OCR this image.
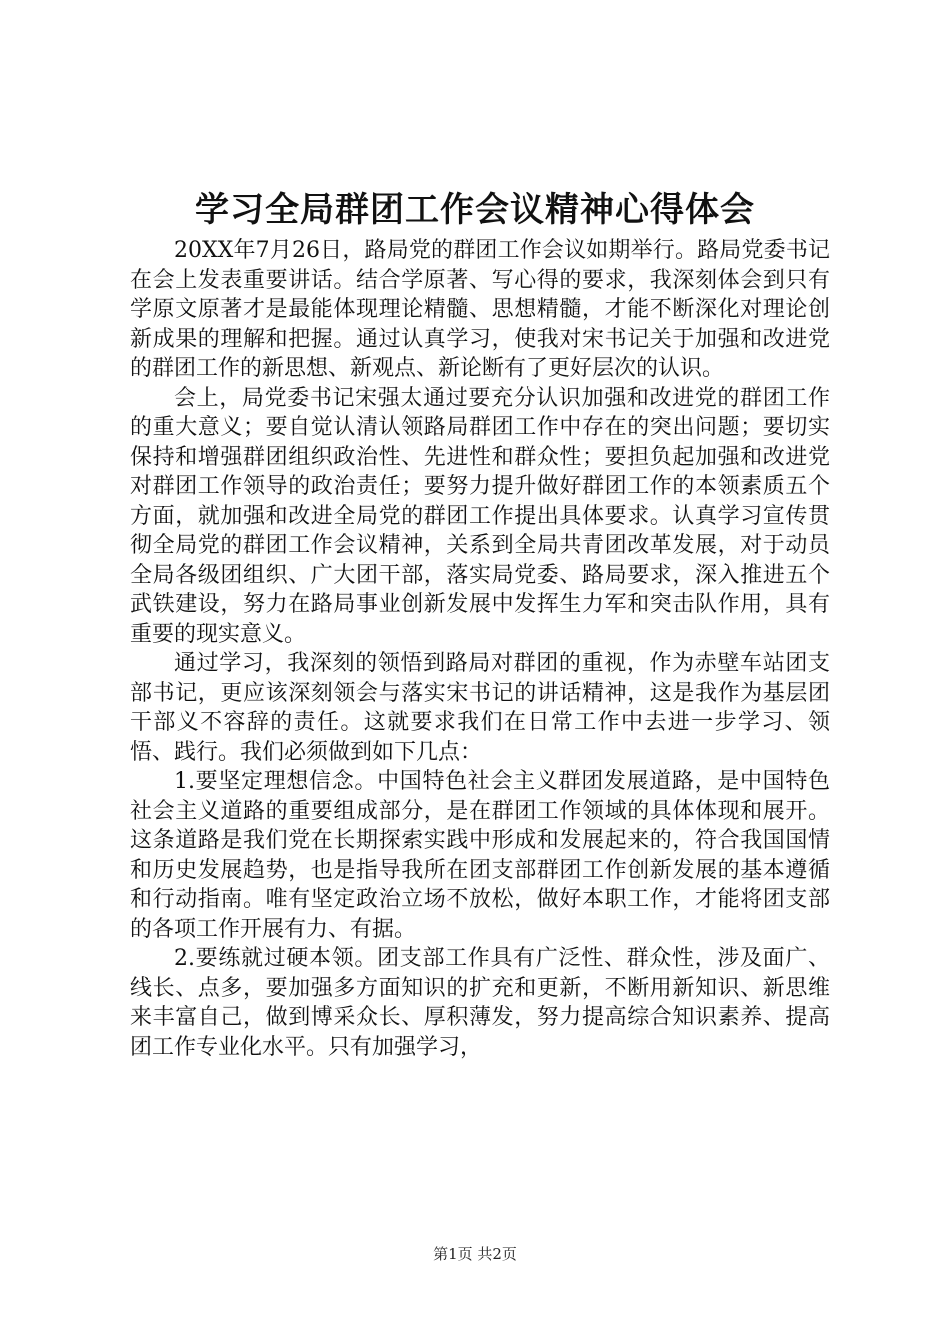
学习全局群团工作会议精神心得体会

20XX年7月26日，路局党的群团工作会议如期举行。路局党委书记在会上发表重要讲话。结合学原著、写心得的要求，我深刻体会到只有学原文原著才是最能体现理论精髓、思想精髓，才能不断深化对理论创新成果的理解和把握。通过认真学习，使我对宋书记关于加强和改进党的群团工作的新思想、新观点、新论断有了更好层次的认识。

会上，局党委书记宋强太通过要充分认识加强和改进党的群团工作的重大意义；要自觉认清认领路局群团工作中存在的突出问题；要切实保持和增强群团组织政治性、先进性和群众性；要担负起加强和改进党对群团工作领导的政治责任；要努力提升做好群团工作的本领素质五个方面，就加强和改进全局党的群团工作提出具体要求。认真学习宣传贯彻全局党的群团工作会议精神，关系到全局共青团改革发展，对于动员全局各级团组织、广大团干部，落实局党委、路局要求，深入推进五个武铁建设，努力在路局事业创新发展中发挥生力军和突击队作用，具有重要的现实意义。

通过学习，我深刻的领悟到路局对群团的重视，作为赤壁车站团支部书记，更应该深刻领会与落实宋书记的讲话精神，这是我作为基层团干部义不容辞的责任。这就要求我们在日常工作中去进一步学习、领悟、践行。我们必须做到如下几点：

1.要坚定理想信念。中国特色社会主义群团发展道路，是中国特色社会主义道路的重要组成部分，是在群团工作领域的具体体现和展开。这条道路是我们党在长期探索实践中形成和发展起来的，符合我国国情和历史发展趋势，也是指导我所在团支部群团工作创新发展的基本遵循和行动指南。唯有坚定政治立场不放松，做好本职工作，才能将团支部的各项工作开展有力、有据。

2.要练就过硬本领。团支部工作具有广泛性、群众性，涉及面广、线长、点多，要加强多方面知识的扩充和更新，不断用新知识、新思维来丰富自己，做到博采众长、厚积薄发，努力提高综合知识素养、提高团工作专业化水平。只有加强学习，

第1页 共2页
